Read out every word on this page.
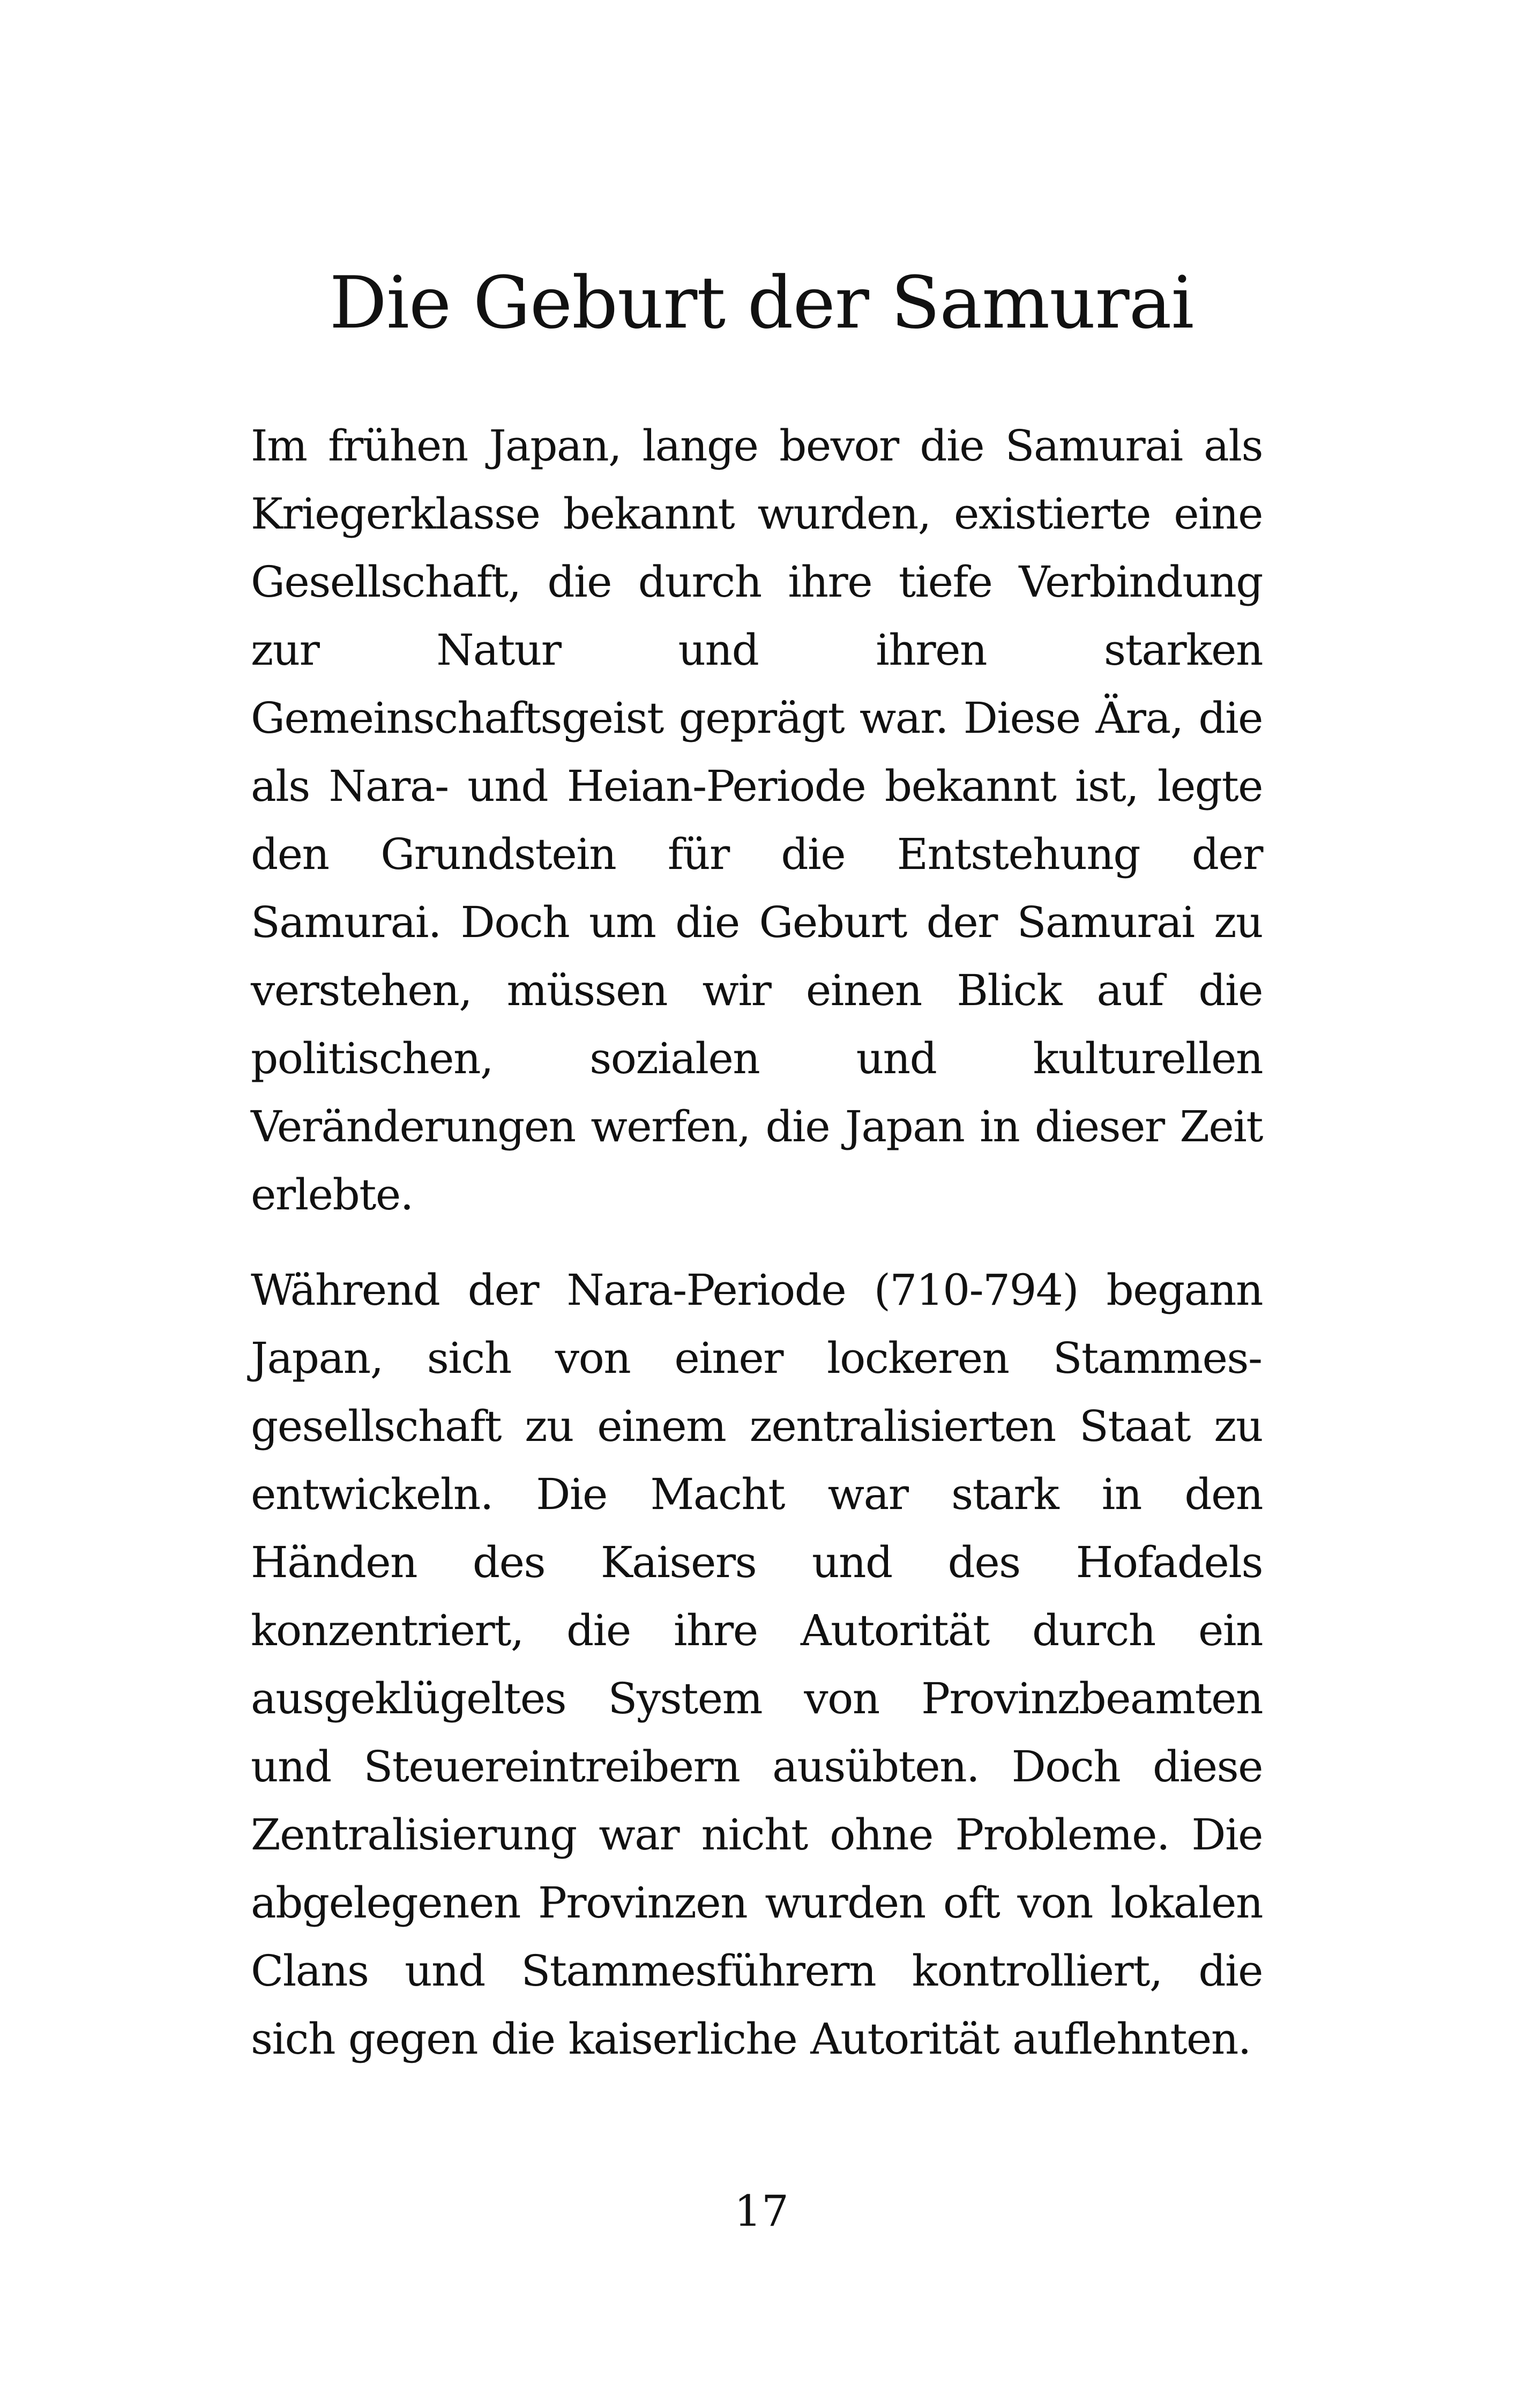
Die Geburt der Samurai

Im frühen Japan, lange bevor die Samurai als Kriegerklasse bekannt wurden, existierte eine Gesellschaft, die durch ihre tiefe Verbindung zur Natur und ihren starken Gemeinschaftsgeist geprägt war. Diese Ära, die als Nara- und Heian-Periode bekannt ist, legte den Grundstein für die Entstehung der Samurai. Doch um die Geburt der Samurai zu verstehen, müssen wir einen Blick auf die politischen, sozialen und kulturellen Veränderungen werfen, die Japan in dieser Zeit erlebte.

Während der Nara-Periode (710-794) begann Japan, sich von einer lockeren Stammesgesellschaft zu einem zentralisierten Staat zu entwickeln. Die Macht war stark in den Händen des Kaisers und des Hofadels konzentriert, die ihre Autorität durch ein ausgeklügeltes System von Provinzbeamten und Steuereintreibern ausübten. Doch diese Zentralisierung war nicht ohne Probleme. Die abgelegenen Provinzen wurden oft von lokalen Clans und Stammesführern kontrolliert, die sich gegen die kaiserliche Autorität auflehnten.

17
